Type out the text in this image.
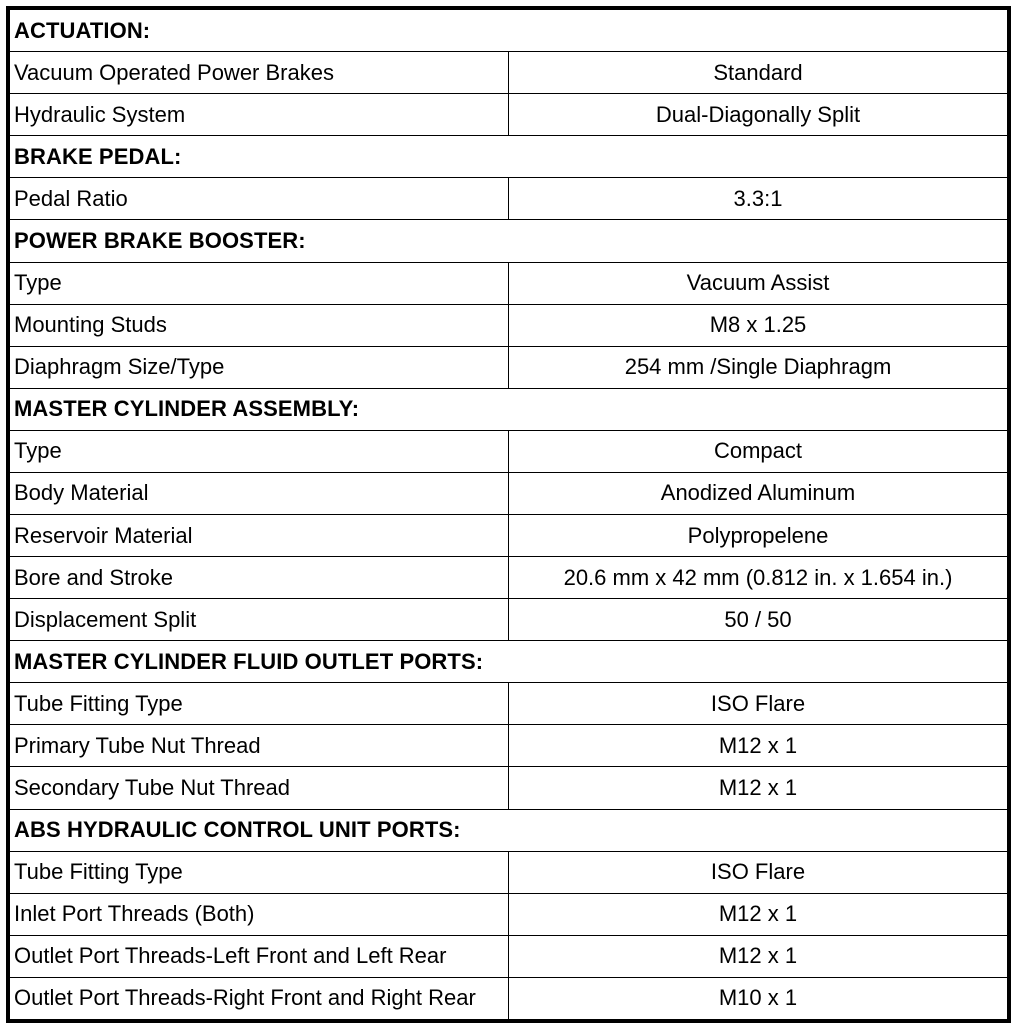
ACTUATION:	
Vacuum Operated Power Brakes	Standard
Hydraulic System	Dual-Diagonally Split
BRAKE PEDAL:	
Pedal Ratio	3.3:1
POWER BRAKE BOOSTER:	
Type	Vacuum Assist
Mounting Studs	M8 x 1.25
Diaphragm Size/Type	254 mm /Single Diaphragm
MASTER CYLINDER ASSEMBLY:	
Type	Compact
Body Material	Anodized Aluminum
Reservoir Material	Polypropelene
Bore and Stroke	20.6 mm x 42 mm (0.812 in. x 1.654 in.)
Displacement Split	50 / 50
MASTER CYLINDER FLUID OUTLET PORTS:	
Tube Fitting Type	ISO Flare
Primary Tube Nut Thread	M12 x 1
Secondary Tube Nut Thread	M12 x 1
ABS HYDRAULIC CONTROL UNIT PORTS:	
Tube Fitting Type	ISO Flare
Inlet Port Threads (Both)	M12 x 1
Outlet Port Threads-Left Front and Left Rear	M12 x 1
Outlet Port Threads-Right Front and Right Rear	M10 x 1
